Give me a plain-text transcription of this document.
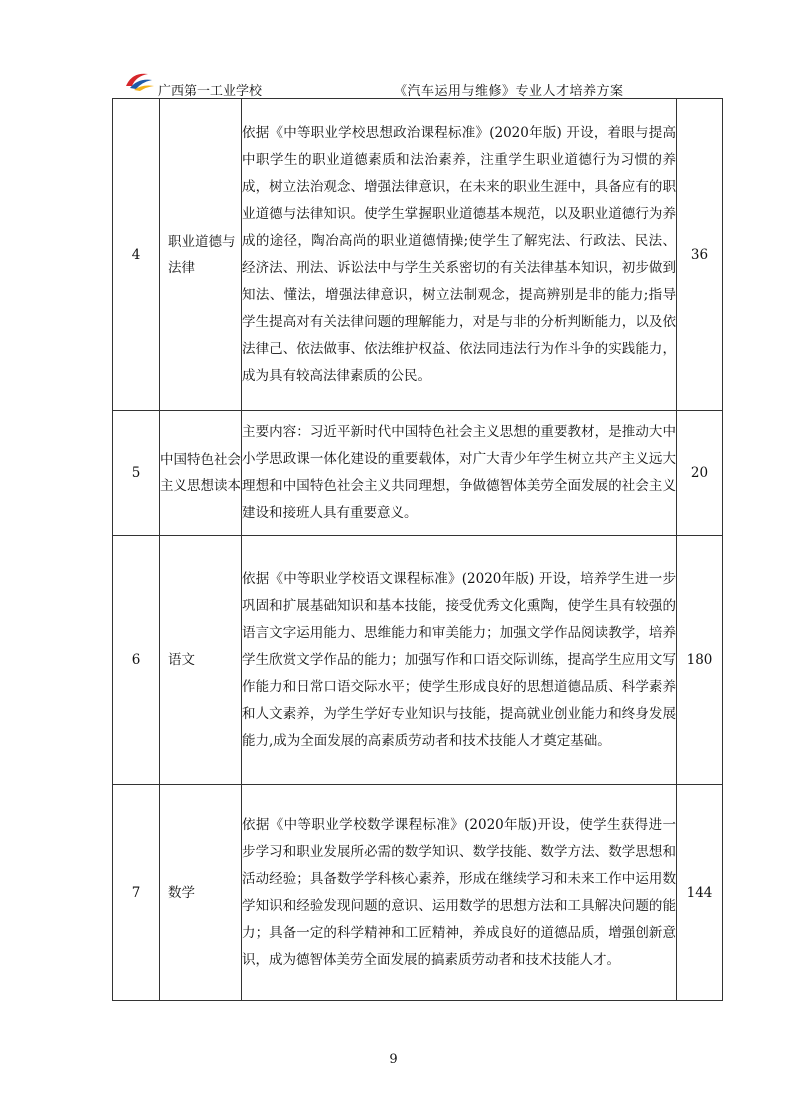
广西第一工业学校	《汽车运用与维修》专业人才培养方案
4	职业道德与法律	依据《中等职业学校思想政治课程标准》(2020年版) 开设，着眼与提高中职学生的职业道德素质和法治素养，注重学生职业道德行为习惯的养成，树立法治观念、增强法律意识，在未来的职业生涯中，具备应有的职业道德与法律知识。使学生掌握职业道德基本规范，以及职业道德行为养成的途径，陶冶高尚的职业道德情操;使学生了解宪法、行政法、民法、经济法、刑法、诉讼法中与学生关系密切的有关法律基本知识，初步做到知法、懂法，增强法律意识，树立法制观念，提高辨别是非的能力;指导学生提高对有关法律问题的理解能力，对是与非的分析判断能力，以及依法律己、依法做事、依法维护权益、依法同违法行为作斗争的实践能力，成为具有较高法律素质的公民。	36
5	中国特色社会主义思想读本	主要内容：习近平新时代中国特色社会主义思想的重要教材，是推动大中小学思政课一体化建设的重要载体，对广大青少年学生树立共产主义远大理想和中国特色社会主义共同理想，争做德智体美劳全面发展的社会主义建设和接班人具有重要意义。	20
6	语文	依据《中等职业学校语文课程标准》(2020年版) 开设，培养学生进一步巩固和扩展基础知识和基本技能，接受优秀文化熏陶，使学生具有较强的语言文字运用能力、思维能力和审美能力；加强文学作品阅读教学，培养学生欣赏文学作品的能力；加强写作和口语交际训练，提高学生应用文写作能力和日常口语交际水平；使学生形成良好的思想道德品质、科学素养和人文素养，为学生学好专业知识与技能，提高就业创业能力和终身发展能力,成为全面发展的高素质劳动者和技术技能人才奠定基础。	180
7	数学	依据《中等职业学校数学课程标准》(2020年版)开设，使学生获得进一步学习和职业发展所必需的数学知识、数学技能、数学方法、数学思想和活动经验；具备数学学科核心素养，形成在继续学习和未来工作中运用数学知识和经验发现问题的意识、运用数学的思想方法和工具解决问题的能力；具备一定的科学精神和工匠精神，养成良好的道德品质，增强创新意识，成为德智体美劳全面发展的搞素质劳动者和技术技能人才。	144
9
